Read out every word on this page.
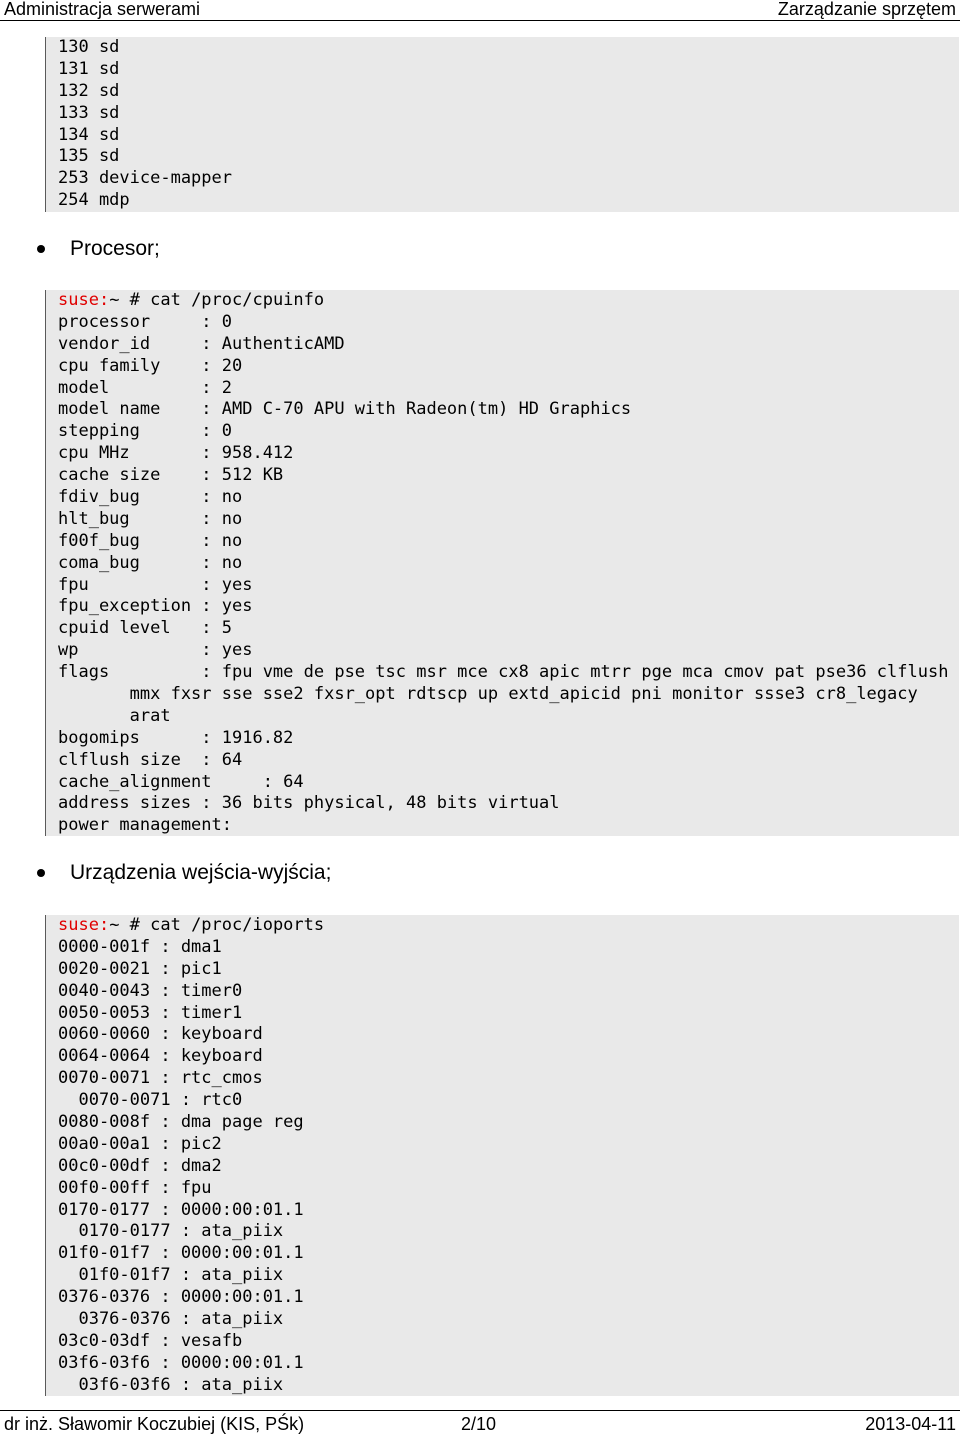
Administracja serwerami	Zarządzanie sprzętem
130 sd
131 sd
132 sd
133 sd
134 sd
135 sd
253 device-mapper
254 mdp
Procesor;
suse:~ # cat /proc/cpuinfo
processor     : 0
vendor_id     : AuthenticAMD
cpu family    : 20
model         : 2
model name    : AMD C-70 APU with Radeon(tm) HD Graphics
stepping      : 0
cpu MHz       : 958.412
cache size    : 512 KB
fdiv_bug      : no
hlt_bug       : no
f00f_bug      : no
coma_bug      : no
fpu           : yes
fpu_exception : yes
cpuid level   : 5
wp            : yes
flags         : fpu vme de pse tsc msr mce cx8 apic mtrr pge mca cmov pat pse36 clflush
mmx fxsr sse sse2 fxsr_opt rdtscp up extd_apicid pni monitor ssse3 cr8_legacy
arat
bogomips      : 1916.82
clflush size  : 64
cache_alignment     : 64
address sizes : 36 bits physical, 48 bits virtual
power management:
Urządzenia wejścia-wyjścia;
suse:~ # cat /proc/ioports
0000-001f : dma1
0020-0021 : pic1
0040-0043 : timer0
0050-0053 : timer1
0060-0060 : keyboard
0064-0064 : keyboard
0070-0071 : rtc_cmos
0070-0071 : rtc0
0080-008f : dma page reg
00a0-00a1 : pic2
00c0-00df : dma2
00f0-00ff : fpu
0170-0177 : 0000:00:01.1
0170-0177 : ata_piix
01f0-01f7 : 0000:00:01.1
01f0-01f7 : ata_piix
0376-0376 : 0000:00:01.1
0376-0376 : ata_piix
03c0-03df : vesafb
03f6-03f6 : 0000:00:01.1
03f6-03f6 : ata_piix
dr inż. Sławomir Koczubiej (KIS, PŚk)	2/10	2013-04-11
